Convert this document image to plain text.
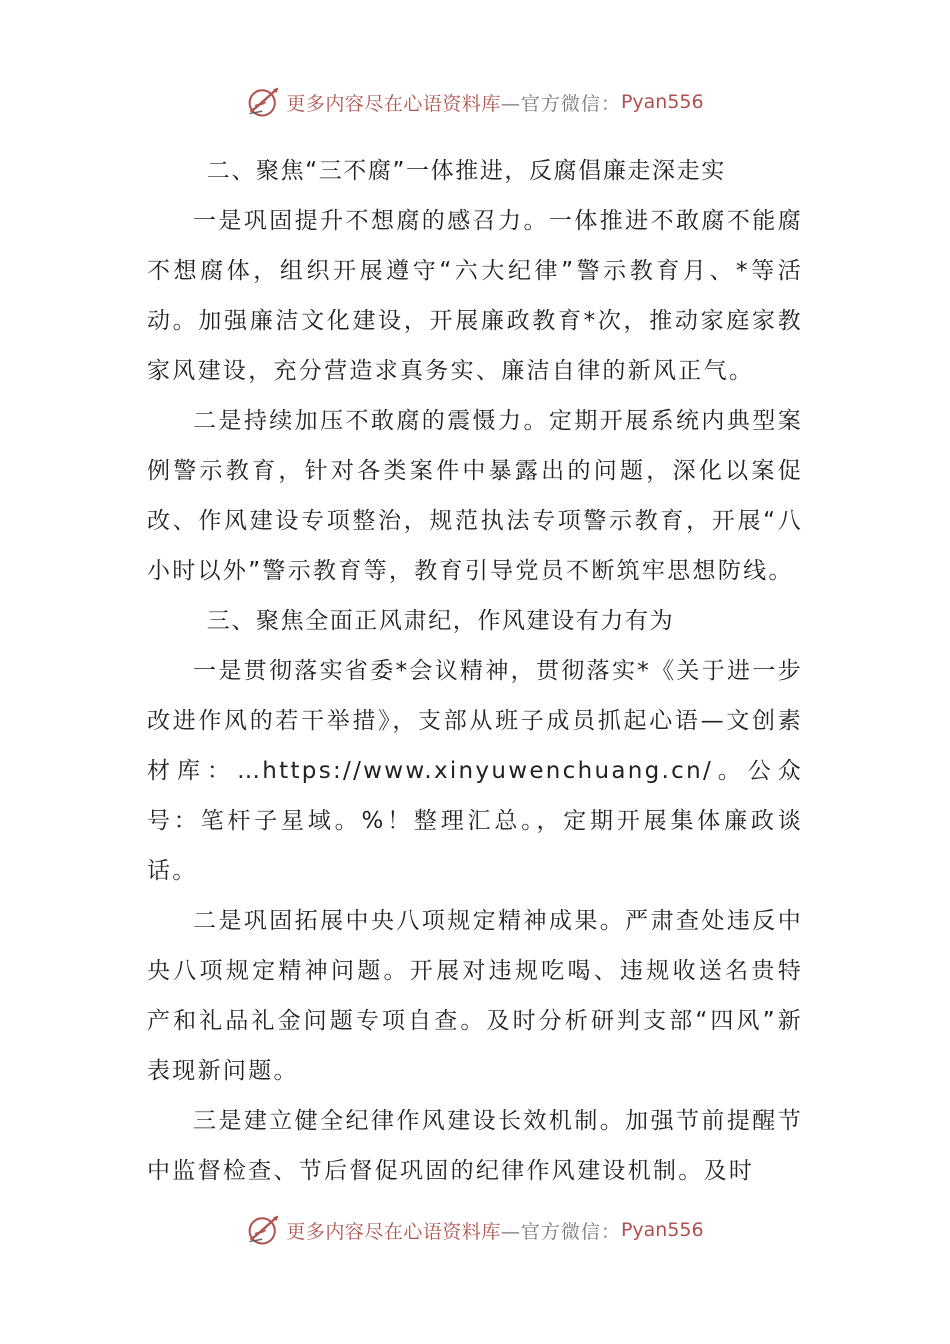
更多内容尽在心语资料库 —官方微信： Pyan556

二、聚焦“三不腐”一体推进，反腐倡廉走深走实

一是巩固提升不想腐的感召力。一体推进不敢腐不能腐不想腐体，组织开展遵守“六大纪律”警示教育月、*等活动。加强廉洁文化建设，开展廉政教育*次，推动家庭家教家风建设，充分营造求真务实、廉洁自律的新风正气。

二是持续加压不敢腐的震慑力。定期开展系统内典型案例警示教育，针对各类案件中暴露出的问题，深化以案促改、作风建设专项整治，规范执法专项警示教育，开展“八小时以外”警示教育等，教育引导党员不断筑牢思想防线。

三、聚焦全面正风肃纪，作风建设有力有为

一是贯彻落实省委*会议精神，贯彻落实*《关于进一步改进作风的若干举措》，支部从班子成员抓起心语—文创素材库：…https://www.xinyuwenchuang.cn/。公众号：笔杆子星域。%！整理汇总。，定期开展集体廉政谈话。

二是巩固拓展中央八项规定精神成果。严肃查处违反中央八项规定精神问题。开展对违规吃喝、违规收送名贵特产和礼品礼金问题专项自查。及时分析研判支部“四风”新表现新问题。

三是建立健全纪律作风建设长效机制。加强节前提醒节中监督检查、节后督促巩固的纪律作风建设机制。及时

更多内容尽在心语资料库 —官方微信： Pyan556
